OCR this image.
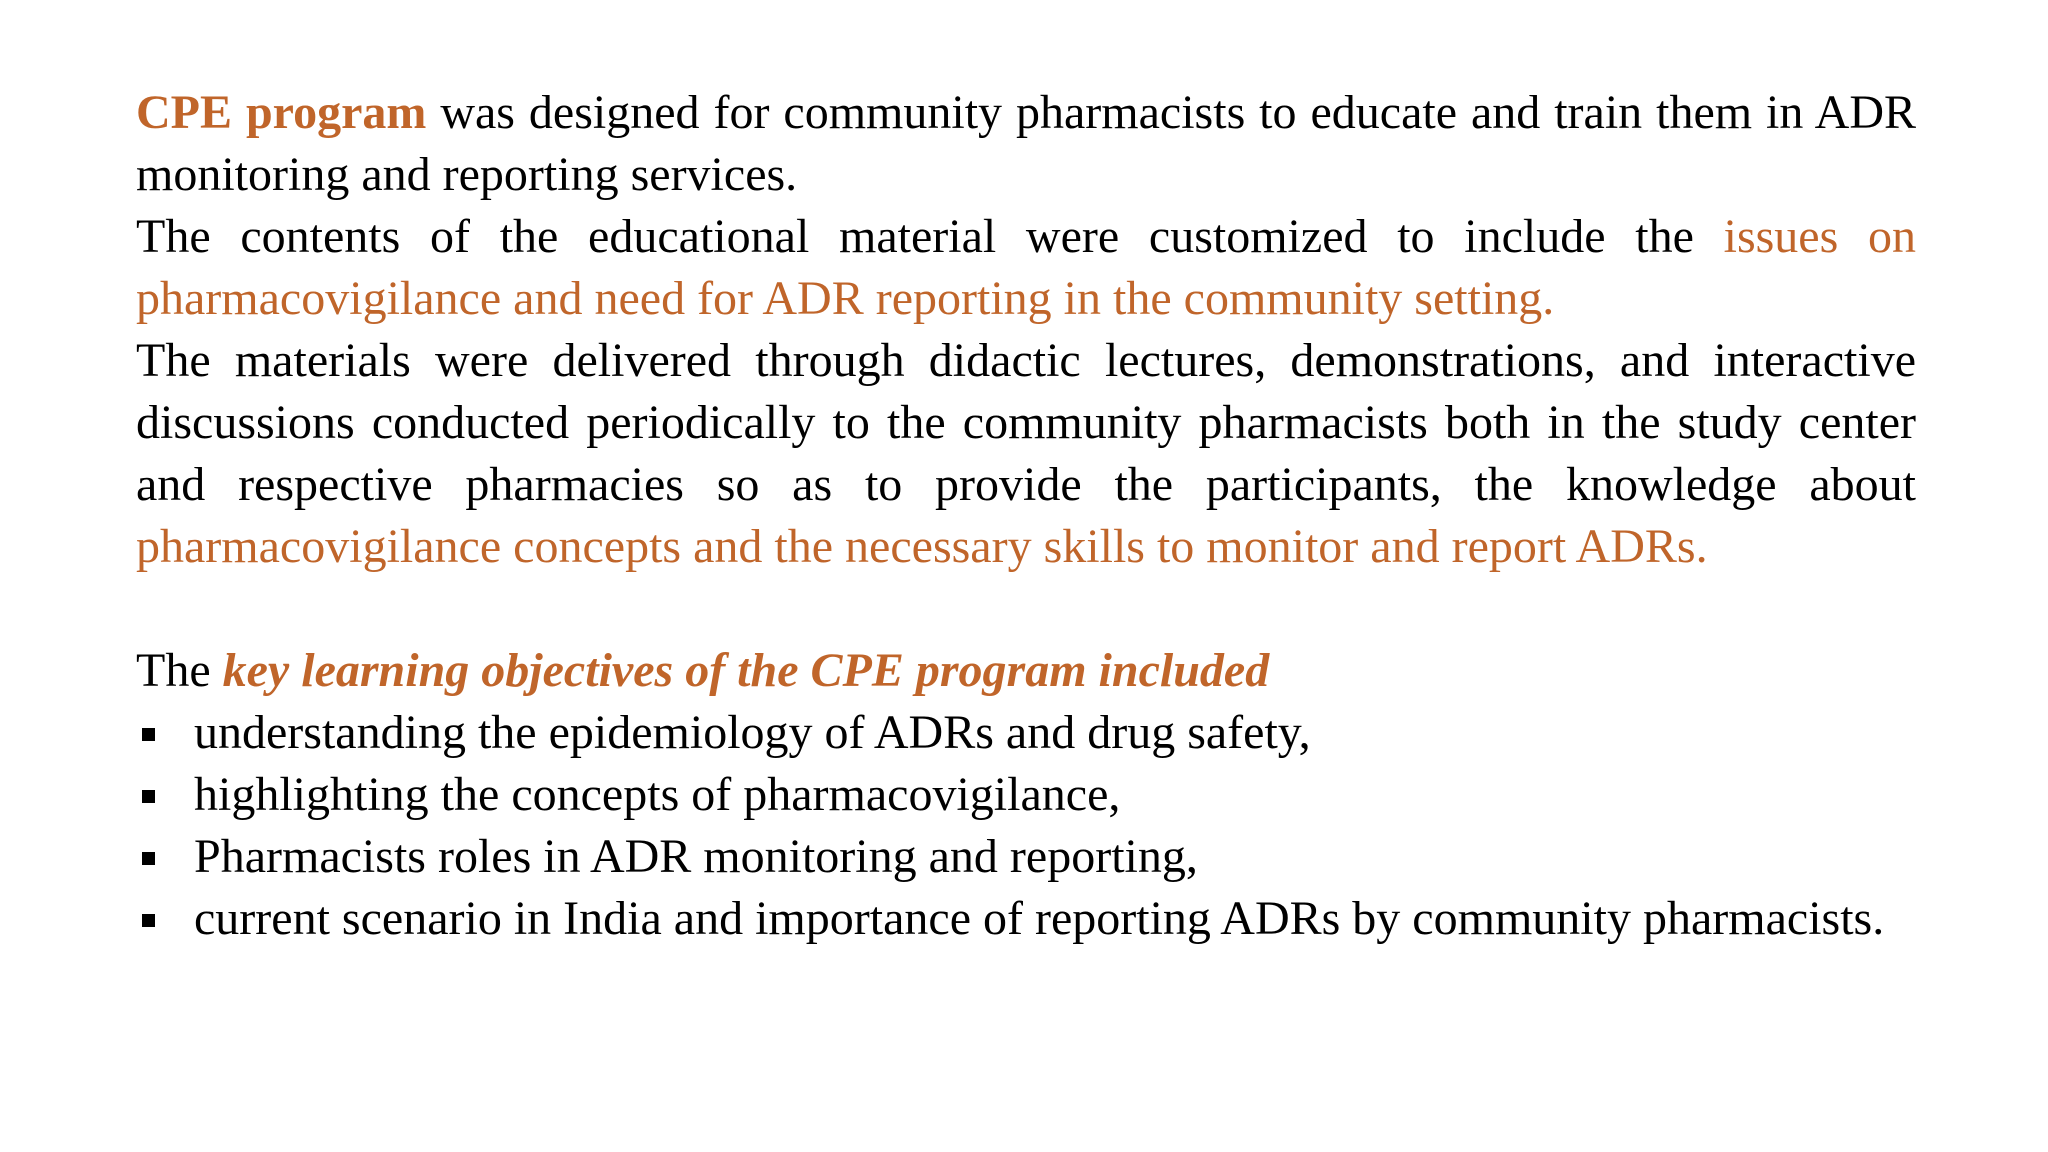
CPE program was designed for community pharmacists to educate and train them in ADR monitoring and reporting services.

The contents of the educational material were customized to include the issues on pharmacovigilance and need for ADR reporting in the community setting.

The materials were delivered through didactic lectures, demonstrations, and interactive discussions conducted periodically to the community pharmacists both in the study center and respective pharmacies so as to provide the participants, the knowledge about pharmacovigilance concepts and the necessary skills to monitor and report ADRs.

The key learning objectives of the CPE program included

understanding the epidemiology of ADRs and drug safety,
highlighting the concepts of pharmacovigilance,
Pharmacists roles in ADR monitoring and reporting,
current scenario in India and importance of reporting ADRs by community pharmacists.
